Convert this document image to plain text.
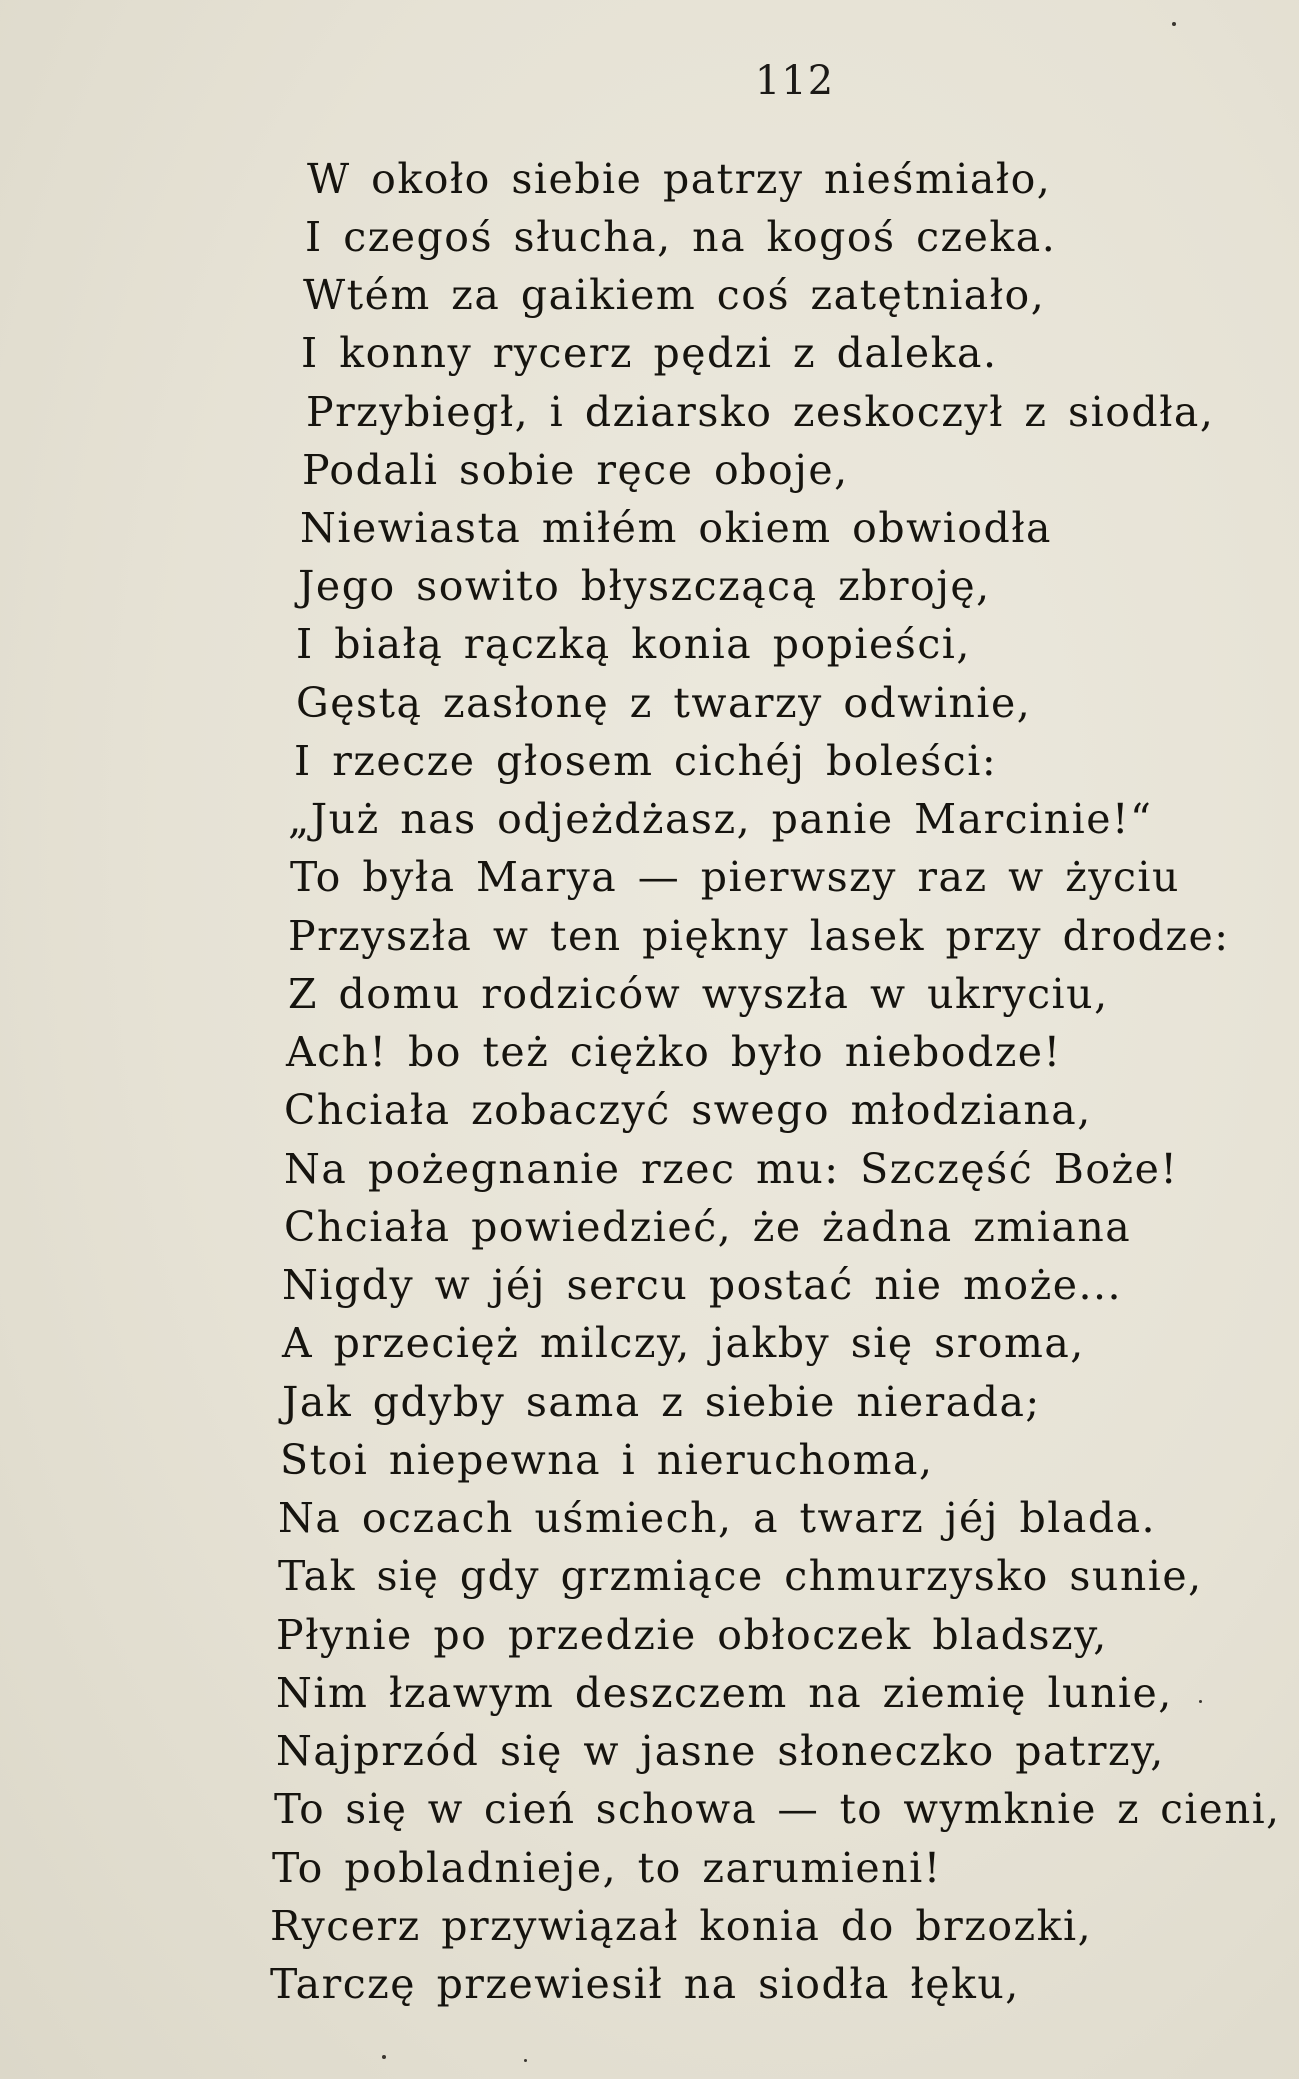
112
W około siebie patrzy nieśmiało,
I czegoś słucha, na kogoś czeka.
Wtém za gaikiem coś zatętniało,
I konny rycerz pędzi z daleka.
Przybiegł, i dziarsko zeskoczył z siodła,
Podali sobie ręce oboje,
Niewiasta miłém okiem obwiodła
Jego sowito błyszczącą zbroję,
I białą rączką konia popieści,
Gęstą zasłonę z twarzy odwinie,
I rzecze głosem cichéj boleści:
„Już nas odjeżdżasz, panie Marcinie!“
To była Marya — pierwszy raz w życiu
Przyszła w ten piękny lasek przy drodze:
Z domu rodziców wyszła w ukryciu,
Ach! bo też ciężko było niebodze!
Chciała zobaczyć swego młodziana,
Na pożegnanie rzec mu: Szczęść Boże!
Chciała powiedzieć, że żadna zmiana
Nigdy w jéj sercu postać nie może...
A przecięż milczy, jakby się sroma,
Jak gdyby sama z siebie nierada;
Stoi niepewna i nieruchoma,
Na oczach uśmiech, a twarz jéj blada.
Tak się gdy grzmiące chmurzysko sunie,
Płynie po przedzie obłoczek bladszy,
Nim łzawym deszczem na ziemię lunie,
Najprzód się w jasne słoneczko patrzy,
To się w cień schowa — to wymknie z cieni,
To pobladnieje, to zarumieni!
Rycerz przywiązał konia do brzozki,
Tarczę przewiesił na siodła łęku,
